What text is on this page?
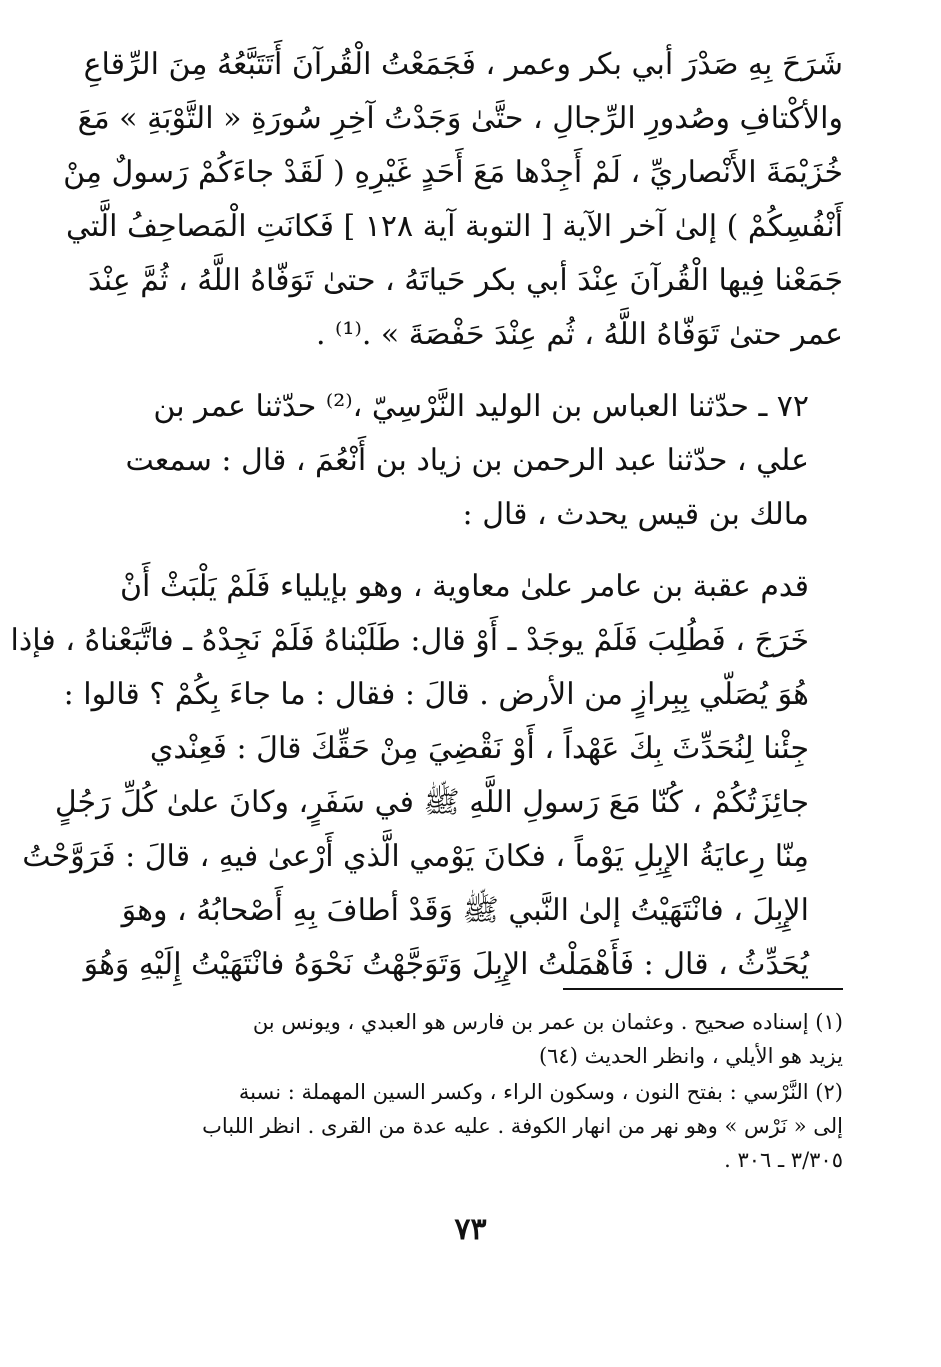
شَرَحَ بِهِ صَدْرَ أبي بكر وعمر ، فَجَمَعْتُ الْقُرآنَ أَتَتَبَّعُهُ مِنَ الرِّقاعِ
والأكْتافِ وصُدورِ الرِّجالِ ، حتَّىٰ وَجَدْتُ آخِرِ سُورَةِ « التَّوْبَةِ » مَعَ
خُزَيْمَةَ الأَنْصاريِّ ، لَمْ أَجِدْها مَعَ أَحَدٍ غَيْرِهِ ( لَقَدْ جاءَكُمْ رَسولٌ مِنْ
أَنْفُسِكُمْ ) إلىٰ آخر الآية [ التوبة آية ١٢٨ ] فَكانَتِ الْمَصاحِفُ الَّتي
جَمَعْنا فِيها الْقُرآنَ عِنْدَ أبي بكر حَياتَهُ ، حتىٰ تَوَفّاهُ اللَّهُ ، ثُمَّ عِنْدَ
عمر حتىٰ تَوَفّاهُ اللَّهُ ، ثُم عِنْدَ حَفْصَةَ » .⁽¹⁾ .

٧٢ ـ حدّثنا العباس بن الوليد النَّرْسِيّ ،⁽²⁾ حدّثنا عمر بن
علي ، حدّثنا عبد الرحمن بن زياد بن أَنْعُمَ ، قال : سمعت
مالك بن قيس يحدث ، قال :

قدم عقبة بن عامر علىٰ معاوية ، وهو بإيلياء فَلَمْ يَلْبَثْ أَنْ
خَرَجَ ، فَطُلِبَ فَلَمْ يوجَدْ ـ أَوْ قال: طَلَبْناهُ فَلَمْ نَجِدْهُ ـ فاتَّبَعْناهُ ، فإذا
هُوَ يُصَلّي بِبِرازٍ من الأرض . قالَ : فقال : ما جاءَ بِكُمْ ؟ قالوا :
جِئْنا لِنُحَدِّثَ بِكَ عَهْداً ، أَوْ نَقْضِيَ مِنْ حَقِّكَ قالَ : فَعِنْدي
جائِزَتُكُمْ ، كُنّا مَعَ رَسولِ اللَّهِ ﷺ في سَفَرٍ، وكانَ علىٰ كُلِّ رَجُلٍ
مِنّا رِعايَةُ الإِبِلِ يَوْماً ، فكانَ يَوْمي الَّذي أَرْعىٰ فيهِ ، قالَ : فَرَوَّحْتُ
الإِبِلَ ، فانْتَهَيْتُ إلىٰ النَّبي ﷺ وَقَدْ أطافَ بِهِ أَصْحابُهُ ، وهوَ
يُحَدِّثُ ، قال : فَأَهْمَلْتُ الإِبِلَ وَتَوَجَّهْتُ نَحْوَهُ فانْتَهَيْتُ إِلَيْهِ وَهُوَ

(١) إسناده صحيح . وعثمان بن عمر بن فارس هو العبدي ، ويونس بن
يزيد هو الأيلي ، وانظر الحديث (٦٤)

(٢) النَّرْسي : بفتح النون ، وسكون الراء ، وكسر السين المهملة : نسبة
إلى « نَرْس » وهو نهر من انهار الكوفة . عليه عدة من القرى . انظر اللباب
٣/٣٠٥ ـ ٣٠٦ .

٧٣
